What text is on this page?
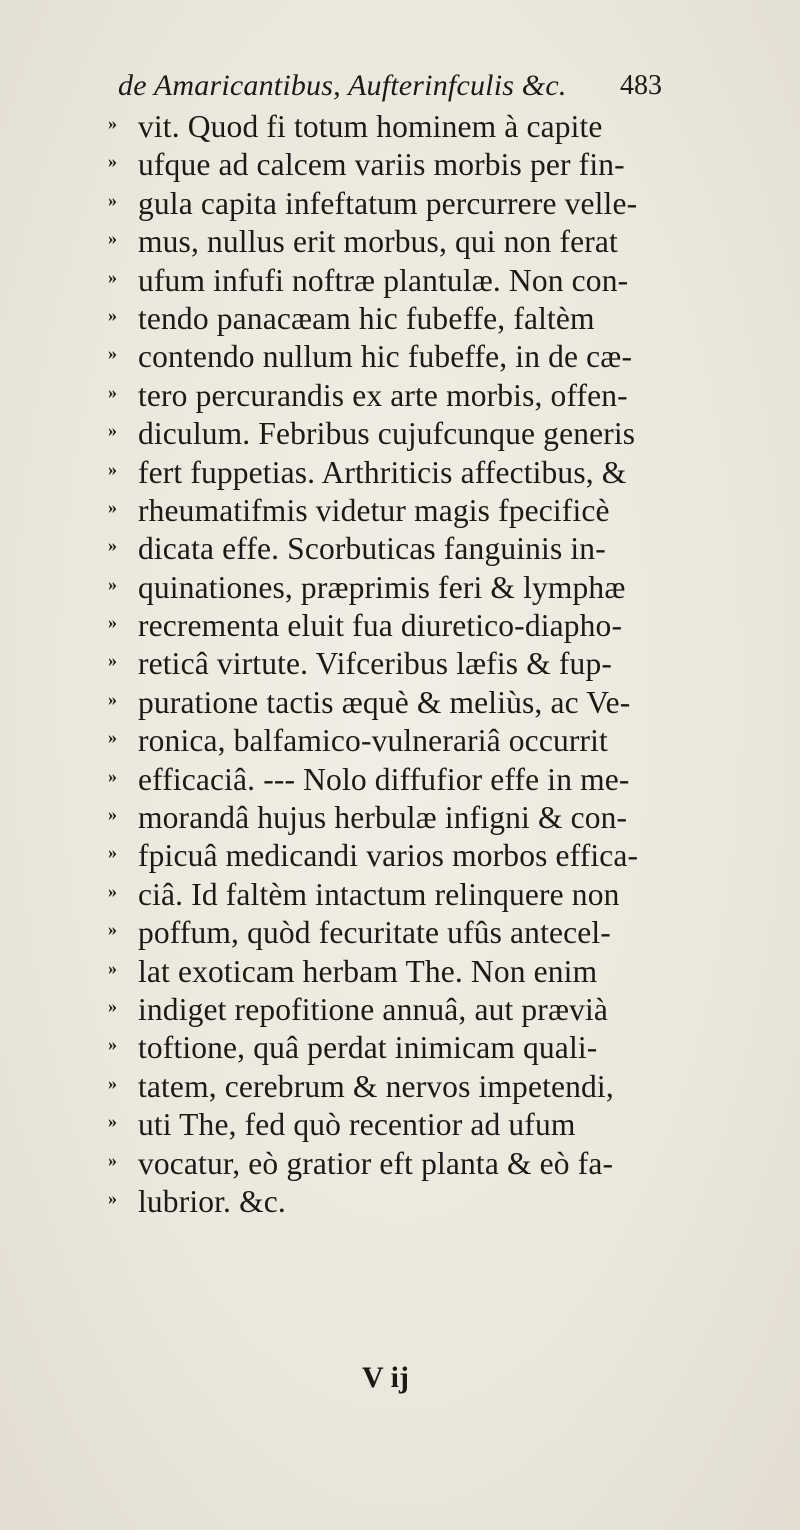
de Amaricantibus, Aufterinfculis &c. 483
» vit. Quod fi totum hominem à capite
» ufque ad calcem variis morbis per fin-
» gula capita infeftatum percurrere velle-
» mus, nullus erit morbus, qui non ferat
» ufum infufi noftræ plantulæ. Non con-
» tendo panacæam hic fubeffe, faltèm
» contendo nullum hic fubeffe, in de cæ-
» tero percurandis ex arte morbis, offen-
» diculum. Febribus cujufcunque generis
» fert fuppetias. Arthriticis affectibus, &
» rheumatifmis videtur magis fpecificè
» dicata effe. Scorbuticas fanguinis in-
» quinationes, præprimis feri & lymphæ
» recrementa eluit fua diuretico-diapho-
» reticâ virtute. Vifceribus læfis & fup-
» puratione tactis æquè & meliùs, ac Ve-
» ronica, balfamico-vulnerariâ occurrit
» efficaciâ. --- Nolo diffufior effe in me-
» morandâ hujus herbulæ infigni & con-
» fpicuâ medicandi varios morbos effica-
» ciâ. Id faltèm intactum relinquere non
» poffum, quòd fecuritate ufûs antecel-
» lat exoticam herbam The. Non enim
» indiget repofitione annuâ, aut prævià
» toftione, quâ perdat inimicam quali-
» tatem, cerebrum & nervos impetendi,
» uti The, fed quò recentior ad ufum
» vocatur, eò gratior eft planta & eò fa-
» lubrior. &c.
V ij
